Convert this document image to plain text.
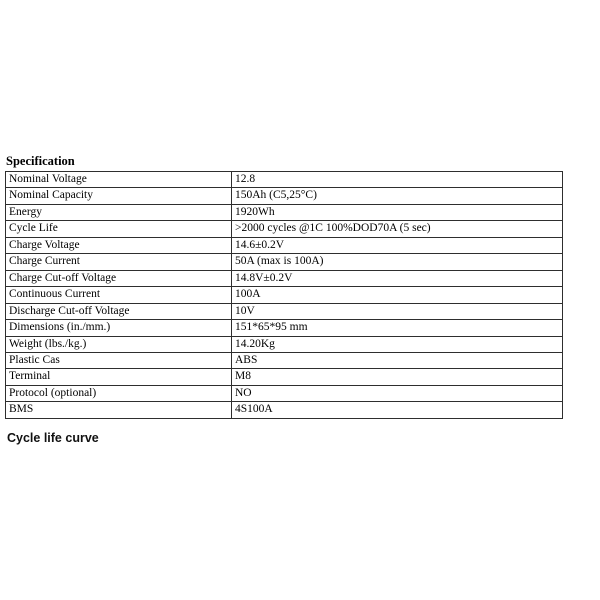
Specification
Nominal Voltage	12.8
Nominal Capacity	150Ah (C5,25°C)
Energy	1920Wh
Cycle Life	>2000 cycles @1C 100%DOD70A (5 sec)
Charge Voltage	14.6±0.2V
Charge Current	50A (max is 100A)
Charge Cut-off Voltage	14.8V±0.2V
Continuous Current	100A
Discharge Cut-off Voltage	10V
Dimensions (in./mm.)	151*65*95 mm
Weight (lbs./kg.)	14.20Kg
Plastic Cas	ABS
Terminal	M8
Protocol (optional)	NO
BMS	4S100A
Cycle life curve
